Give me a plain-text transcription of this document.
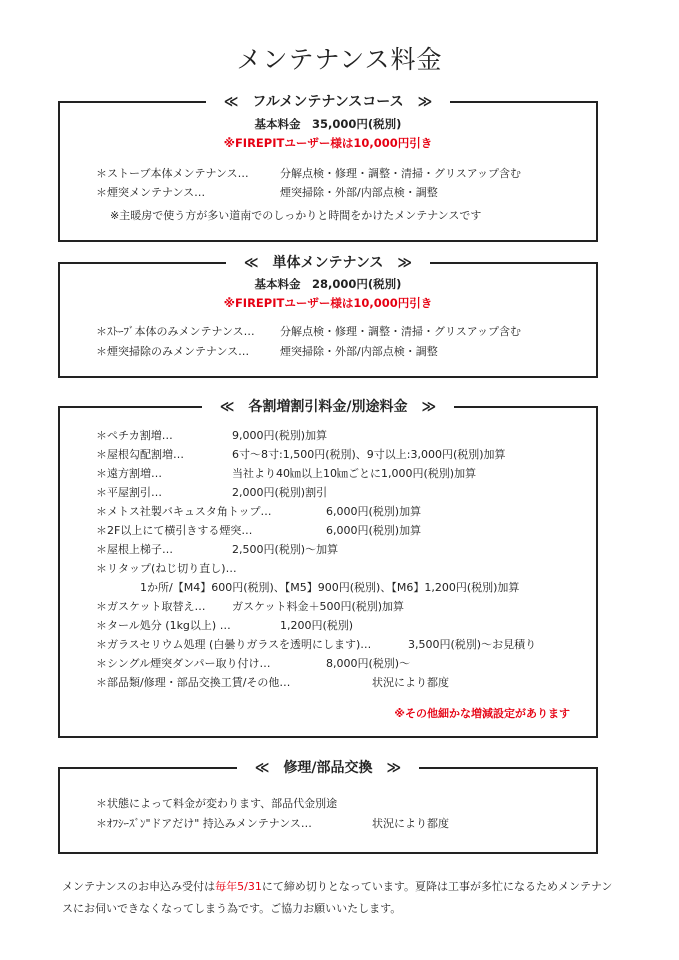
メンテナンス料金
≪　フルメンテナンスコース　≫
基本料金　35,000円(税別)
※FIREPITユーザー様は10,000円引き
＊ストーブ本体メンテナンス…	分解点検・修理・調整・清掃・グリスアップ含む
＊煙突メンテナンス…	煙突掃除・外部/内部点検・調整
※主暖房で使う方が多い道南でのしっかりと時間をかけたメンテナンスです
≪　単体メンテナンス　≫
基本料金　28,000円(税別)
※FIREPITユーザー様は10,000円引き
＊ｽﾄｰﾌﾞ本体のみメンテナンス… 分解点検・修理・調整・清掃・グリスアップ含む
＊煙突掃除のみメンテナンス…	煙突掃除・外部/内部点検・調整
≪　各割増割引料金/別途料金　≫
＊ペチカ割増…	9,000円(税別)加算
＊屋根勾配割増…	6寸～8寸:1,500円(税別)、9寸以上:3,000円(税別)加算
＊遠方割増…	当社より40㎞以上10㎞ごとに1,000円(税別)加算
＊平屋割引…	2,000円(税別)割引
＊メトス社製バキュスタ角トップ…	6,000円(税別)加算
＊2F以上にて横引きする煙突…	6,000円(税別)加算
＊屋根上梯子…	2,500円(税別)～加算
＊リタップ(ねじ切り直し)…
1か所/【M4】600円(税別)、【M5】900円(税別)、【M6】1,200円(税別)加算
＊ガスケット取替え… ガスケット料金＋500円(税別)加算
＊タール処分 (1kg以上) …	1,200円(税別)
＊ガラスセリウム処理 (白曇りガラスを透明にします)…	3,500円(税別)～お見積り
＊シングル煙突ダンパー取り付け…	8,000円(税別)～
＊部品類/修理・部品交換工賃/その他…	状況により都度
※その他細かな増減設定があります
≪　修理/部品交換　≫
＊状態によって料金が変わります、部品代金別途
＊ｵﾌｼｰｽﾞﾝ"ドアだけ" 持込みメンテナンス…	状況により都度
メンテナンスのお申込み受付は毎年5/31にて締め切りとなっています。夏降は工事が多忙になるためメンテナンスにお伺いできなくなってしまう為です。ご協力お願いいたします。
